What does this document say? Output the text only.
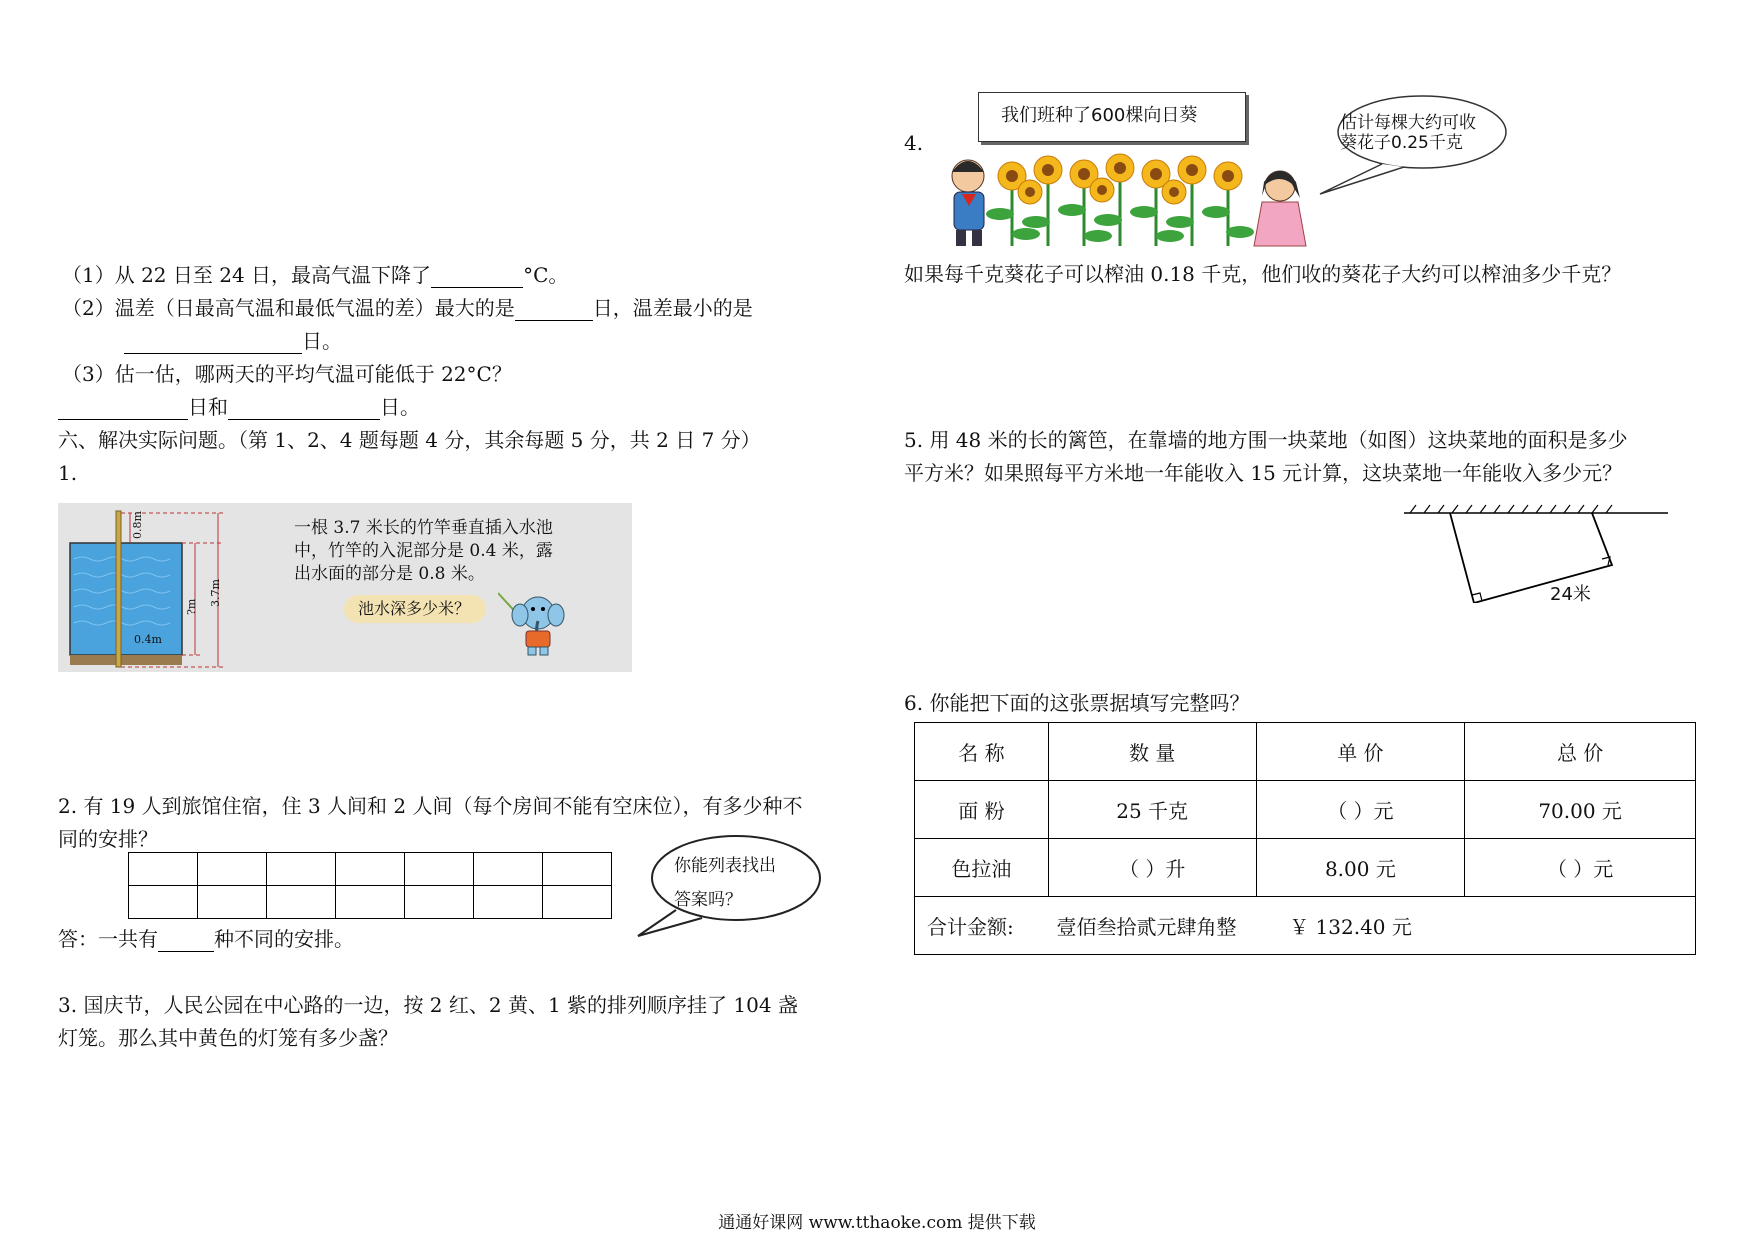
（1）从 22 日至 24 日，最高气温下降了	°C。
（2）温差（日最高气温和最低气温的差）最大的是	日，温差最小的是
日。
（3）估一估，哪两天的平均气温可能低于 22°C？
日和	日。
六、解决实际问题。（第 1、2、4 题每题 4 分，其余每题 5 分，共 2 日 7 分）
1.
0.8m
?m 3.7m
0.4m
一根 3.7 米长的竹竿垂直插入水池
中，竹竿的入泥部分是 0.4 米，露
出水面的部分是 0.8 米。
池水深多少米？
2. 有 19 人到旅馆住宿，住 3 人间和 2 人间（每个房间不能有空床位），有多少种不
同的安排？

你能列表找出
答案吗？
答：一共有	种不同的安排。
3. 国庆节，人民公园在中心路的一边，按 2 红、2 黄、1 紫的排列顺序挂了 104 盏
灯笼。那么其中黄色的灯笼有多少盏？
4.
我们班种了600棵向日葵	估计每棵大约可收
葵花子0.25千克
如果每千克葵花子可以榨油 0.18 千克，他们收的葵花子大约可以榨油多少千克？
5. 用 48 米的长的篱笆，在靠墙的地方围一块菜地（如图）这块菜地的面积是多少
平方米？如果照每平方米地一年能收入 15 元计算，这块菜地一年能收入多少元？
24米
6. 你能把下面的这张票据填写完整吗？
名 称	数 量	单 价	总 价
面 粉	25 千克	（ ）元	70.00 元
色拉油	（ ）升	8.00 元	（ ）元
合计金额: 壹佰叁拾贰元肆角整 ￥ 132.40 元			
通通好课网 www.tthaoke.com 提供下载
